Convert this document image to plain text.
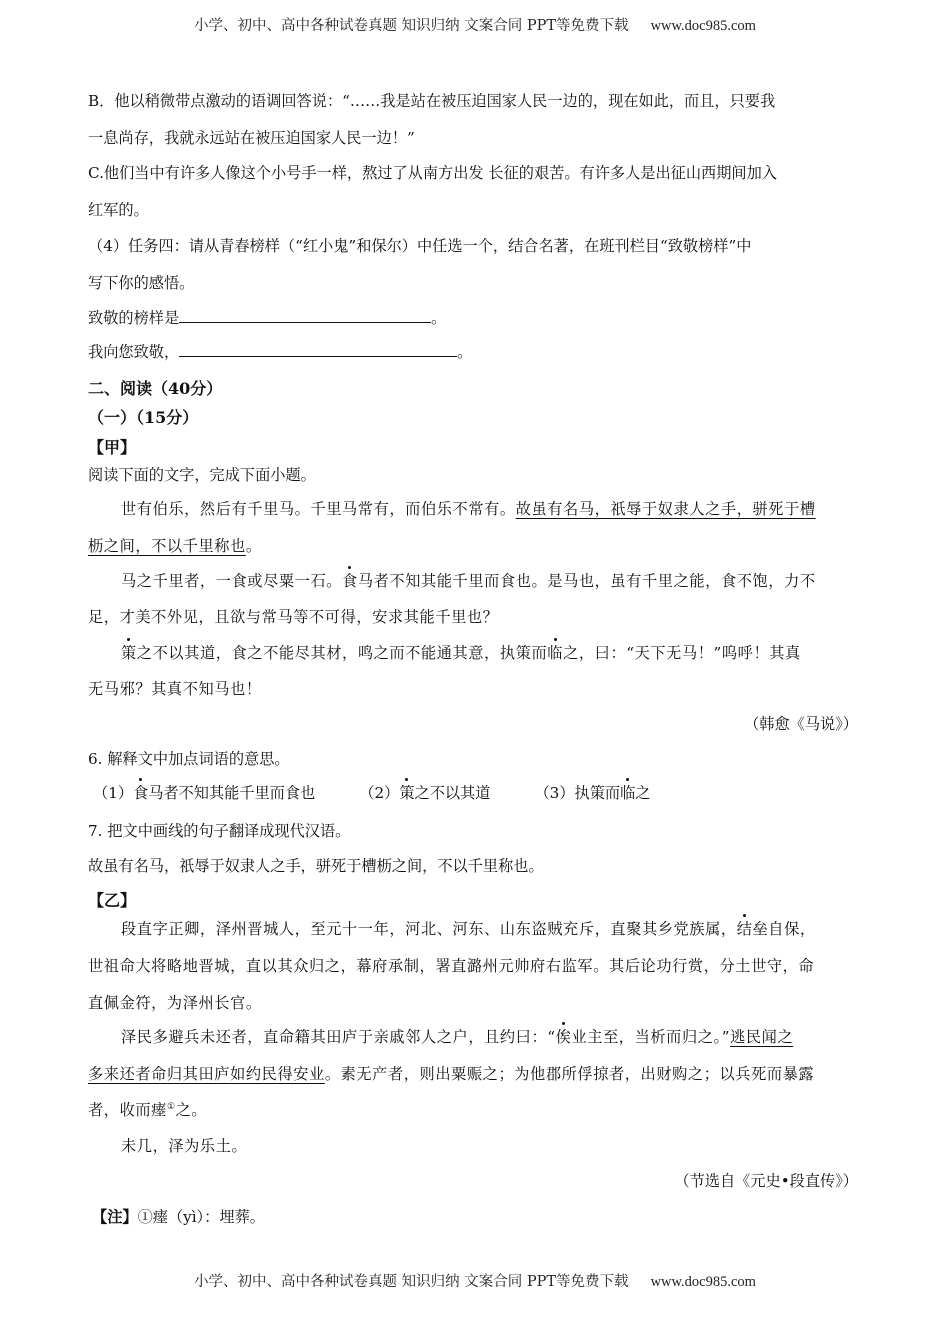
小学、初中、高中各种试卷真题 知识归纳 文案合同 PPT等免费下载 www.doc985.com
B．他以稍微带点激动的语调回答说：“……我是站在被压迫国家人民一边的，现在如此，而且，只要我
一息尚存，我就永远站在被压迫国家人民一边！”
C.他们当中有许多人像这个小号手一样，熬过了从南方出发 长征的艰苦。有许多人是出征山西期间加入
红军的。
（4）任务四：请从青春榜样（“红小鬼”和保尔）中任选一个，结合名著，在班刊栏目“致敬榜样”中
写下你的感悟。
致敬的榜样是	。
我向您致敬，	。
二、阅读（40分）
（一）（15分）
【甲】
阅读下面的文字，完成下面小题。
世有伯乐，然后有千里马。千里马常有，而伯乐不常有。故虽有名马，祇辱于奴隶人之手，骈死于槽
枥之间，不以千里称也。
马之千里者，一食或尽粟一石。食马者不知其能千里而食也。是马也，虽有千里之能，食不饱，力不
足，才美不外见，且欲与常马等不可得，安求其能千里也？
策之不以其道，食之不能尽其材，鸣之而不能通其意，执策而临之，曰：“天下无马！”呜呼！其真
无马邪？其真不知马也！
（韩愈《马说》）
6. 解释文中加点词语的意思。
（1）食马者不知其能千里而食也	（2）策之不以其道	（3）执策而临之
7. 把文中画线的句子翻译成现代汉语。
故虽有名马，祇辱于奴隶人之手，骈死于槽枥之间，不以千里称也。
【乙】
段直字正卿，泽州晋城人，至元十一年，河北、河东、山东盗贼充斥，直聚其乡党族属，结垒自保，
世祖命大将略地晋城，直以其众归之，幕府承制，署直潞州元帅府右监军。其后论功行赏，分土世守，命
直佩金符，为泽州长官。
泽民多避兵未还者，直命籍其田庐于亲戚邻人之户，且约曰：“俟业主至，当析而归之。”逃民闻之
多来还者命归其田庐如约民得安业。素无产者，则出粟赈之；为他郡所俘掠者，出财购之；以兵死而暴露
者，收而瘗①之。
未几，泽为乐土。
（节选自《元史•段直传》）
【注】①瘗（yì）：埋葬。
小学、初中、高中各种试卷真题 知识归纳 文案合同 PPT等免费下载 www.doc985.com
